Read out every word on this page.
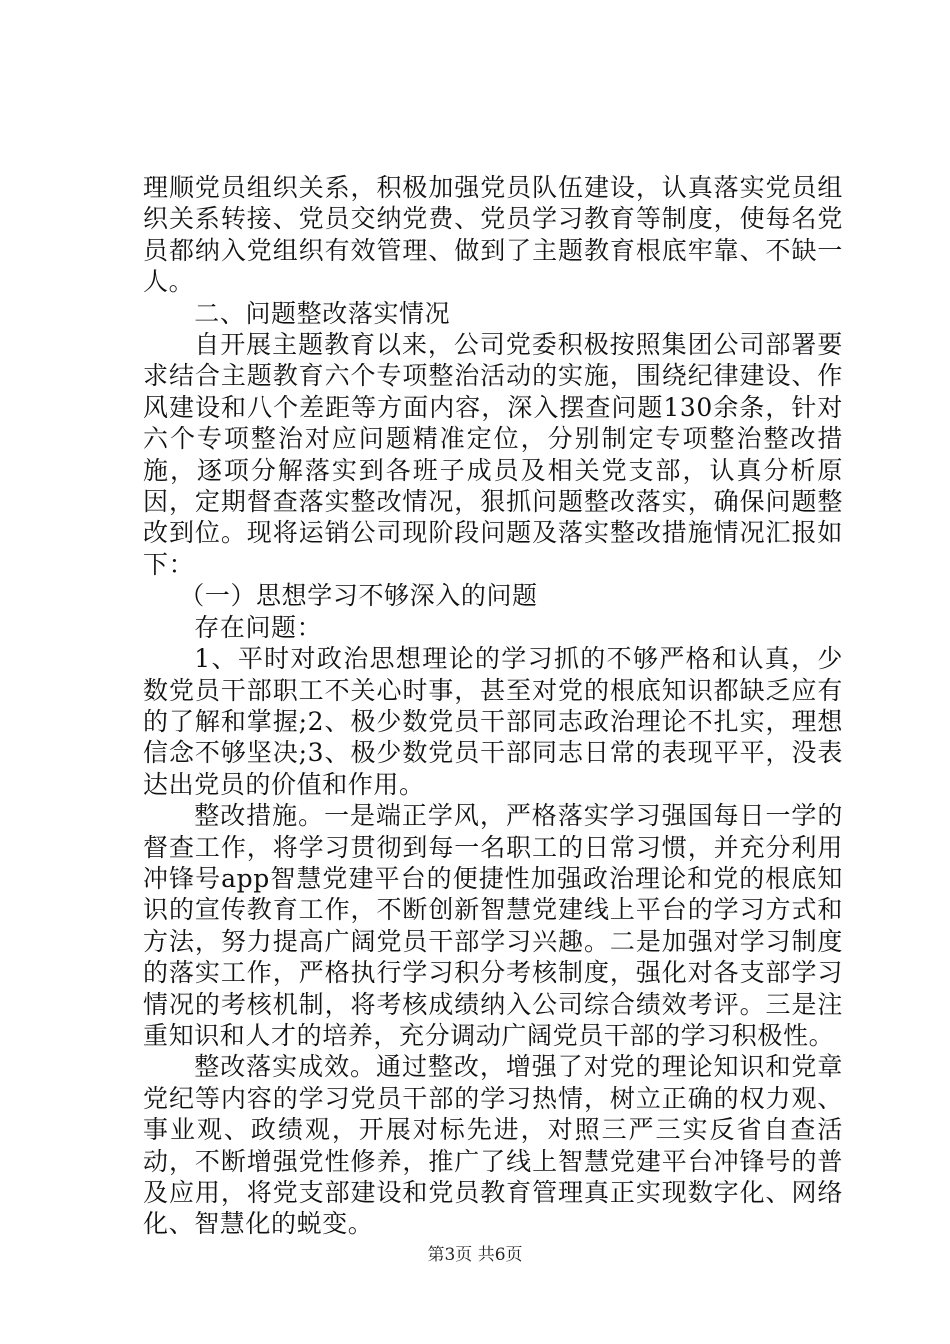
理顺党员组织关系，积极加强党员队伍建设，认真落实党员组织关系转接、党员交纳党费、党员学习教育等制度，使每名党员都纳入党组织有效管理、做到了主题教育根底牢靠、不缺一人。

二、问题整改落实情况

自开展主题教育以来，公司党委积极按照集团公司部署要求结合主题教育六个专项整治活动的实施，围绕纪律建设、作风建设和八个差距等方面内容，深入摆查问题130余条，针对六个专项整治对应问题精准定位，分别制定专项整治整改措施，逐项分解落实到各班子成员及相关党支部，认真分析原因，定期督查落实整改情况，狠抓问题整改落实，确保问题整改到位。现将运销公司现阶段问题及落实整改措施情况汇报如下：

（一）思想学习不够深入的问题

存在问题：

1、平时对政治思想理论的学习抓的不够严格和认真，少数党员干部职工不关心时事，甚至对党的根底知识都缺乏应有的了解和掌握;2、极少数党员干部同志政治理论不扎实，理想信念不够坚决;3、极少数党员干部同志日常的表现平平，没表达出党员的价值和作用。

整改措施。一是端正学风，严格落实学习强国每日一学的督查工作，将学习贯彻到每一名职工的日常习惯，并充分利用冲锋号app智慧党建平台的便捷性加强政治理论和党的根底知识的宣传教育工作，不断创新智慧党建线上平台的学习方式和方法，努力提高广阔党员干部学习兴趣。二是加强对学习制度的落实工作，严格执行学习积分考核制度，强化对各支部学习情况的考核机制，将考核成绩纳入公司综合绩效考评。三是注重知识和人才的培养，充分调动广阔党员干部的学习积极性。

整改落实成效。通过整改，增强了对党的理论知识和党章党纪等内容的学习党员干部的学习热情，树立正确的权力观、事业观、政绩观，开展对标先进，对照三严三实反省自查活动，不断增强党性修养，推广了线上智慧党建平台冲锋号的普及应用，将党支部建设和党员教育管理真正实现数字化、网络化、智慧化的蜕变。

第3页 共6页
